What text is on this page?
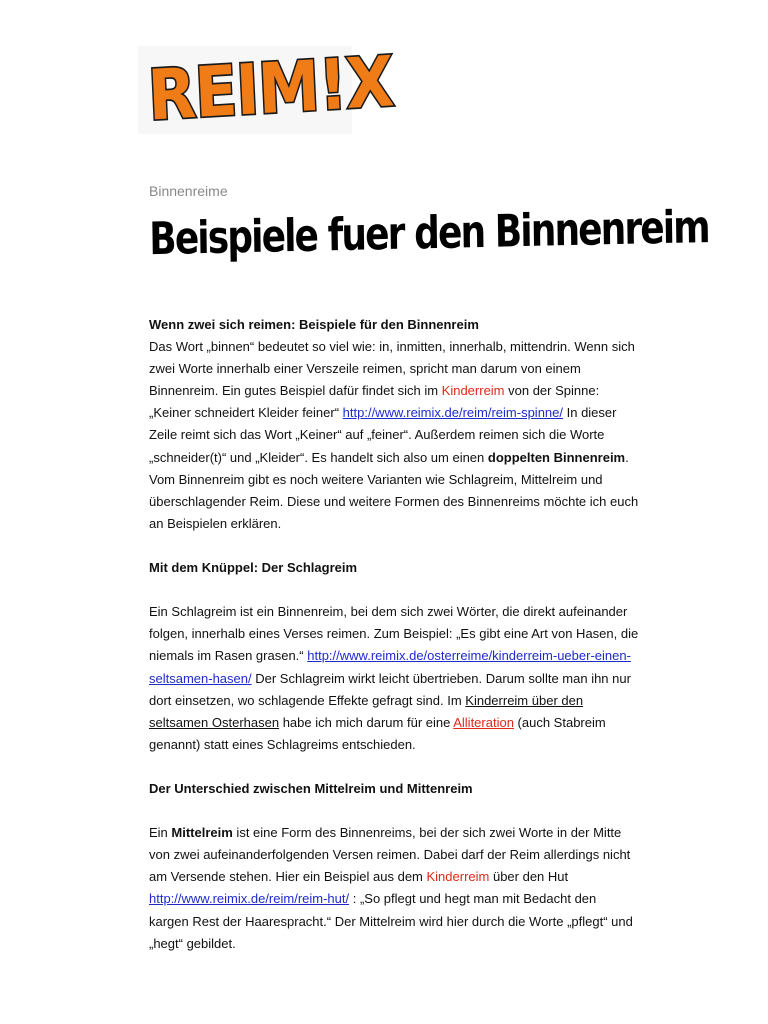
REIM!X
Binnenreime
Beispiele fuer den Binnenreim

Wenn zwei sich reimen: Beispiele für den Binnenreim

Das Wort „binnen“ bedeutet so viel wie: in, inmitten, innerhalb, mittendrin. Wenn sich zwei Worte innerhalb einer Verszeile reimen, spricht man darum von einem Binnenreim. Ein gutes Beispiel dafür findet sich im Kinderreim von der Spinne: „Keiner schneidert Kleider feiner“ http://www.reimix.de/reim/reim-spinne/ In dieser Zeile reimt sich das Wort „Keiner“ auf „feiner“. Außerdem reimen sich die Worte „schneider(t)“ und „Kleider“. Es handelt sich also um einen doppelten Binnenreim. Vom Binnenreim gibt es noch weitere Varianten wie Schlagreim, Mittelreim und überschlagender Reim. Diese und weitere Formen des Binnenreims möchte ich euch an Beispielen erklären.

Mit dem Knüppel: Der Schlagreim

Ein Schlagreim ist ein Binnenreim, bei dem sich zwei Wörter, die direkt aufeinander folgen, innerhalb eines Verses reimen. Zum Beispiel: „Es gibt eine Art von Hasen, die niemals im Rasen grasen.“ http://www.reimix.de/osterreime/kinderreim-ueber-einen-seltsamen-hasen/ Der Schlagreim wirkt leicht übertrieben. Darum sollte man ihn nur dort einsetzen, wo schlagende Effekte gefragt sind. Im Kinderreim über den seltsamen Osterhasen habe ich mich darum für eine Alliteration (auch Stabreim genannt) statt eines Schlagreims entschieden.

Der Unterschied zwischen Mittelreim und Mittenreim

Ein Mittelreim ist eine Form des Binnenreims, bei der sich zwei Worte in der Mitte von zwei aufeinanderfolgenden Versen reimen. Dabei darf der Reim allerdings nicht am Versende stehen. Hier ein Beispiel aus dem Kinderreim über den Hut http://www.reimix.de/reim/reim-hut/ : „So pflegt und hegt man mit Bedacht den kargen Rest der Haarespracht.“ Der Mittelreim wird hier durch die Worte „pflegt“ und „hegt“ gebildet.
